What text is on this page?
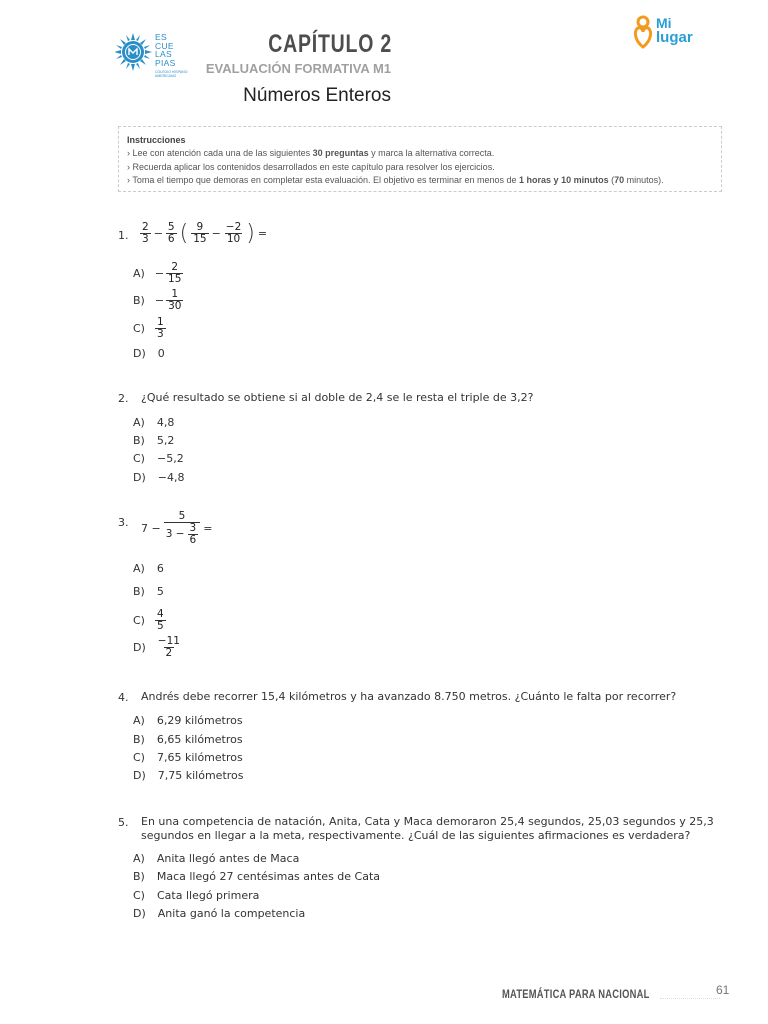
ES
CUE
LAS
PIAS
COLEGIO HISPANO AMERICANO
CAPÍTULO 2
EVALUACIÓN FORMATIVA M1
Números Enteros
Mi
lugar
Instrucciones
› Lee con atención cada una de las siguientes 30 preguntas y marca la alternativa correcta.
› Recuerda aplicar los contenidos desarrollados en este capítulo para resolver los ejercicios.
› Toma el tiempo que demoras en completar esta evaluación. El objetivo es terminar en menos de 1 horas y 10 minutos (70 minutos).
1. $\frac{2}{3} - \frac{5}{6}$ ( $\frac{9}{15} - \frac{-2}{10}$ ) =
$A) - \frac{2}{15}$
$B) - \frac{1}{30}$
$C) \frac{1}{3}$
D) 0
2. ¿Qué resultado se obtiene si al doble de 2,4 se le resta el triple de 3,2?
A) 4,8
B) 5,2
C) −5,2
D) −4,8
3. $7 - \frac{5}{3 - \frac{3}{6}}$ =
A) 6
B) 5
$C) \frac{4}{5}$
$D) \frac{-11}{2}$
4. Andrés debe recorrer 15,4 kilómetros y ha avanzado 8.750 metros. ¿Cuánto le falta por recorrer?
A) 6,29 kilómetros
B) 6,65 kilómetros
C) 7,65 kilómetros
D) 7,75 kilómetros
5. En una competencia de natación, Anita, Cata y Maca demoraron 25,4 segundos, 25,03 segundos y 25,3
segundos en llegar a la meta, respectivamente. ¿Cuál de las siguientes afirmaciones es verdadera?
A) Anita llegó antes de Maca
B) Maca llegó 27 centésimas antes de Cata
C) Cata llegó primera
D) Anita ganó la competencia
MATEMÁTICA PARA NACIONAL	61
